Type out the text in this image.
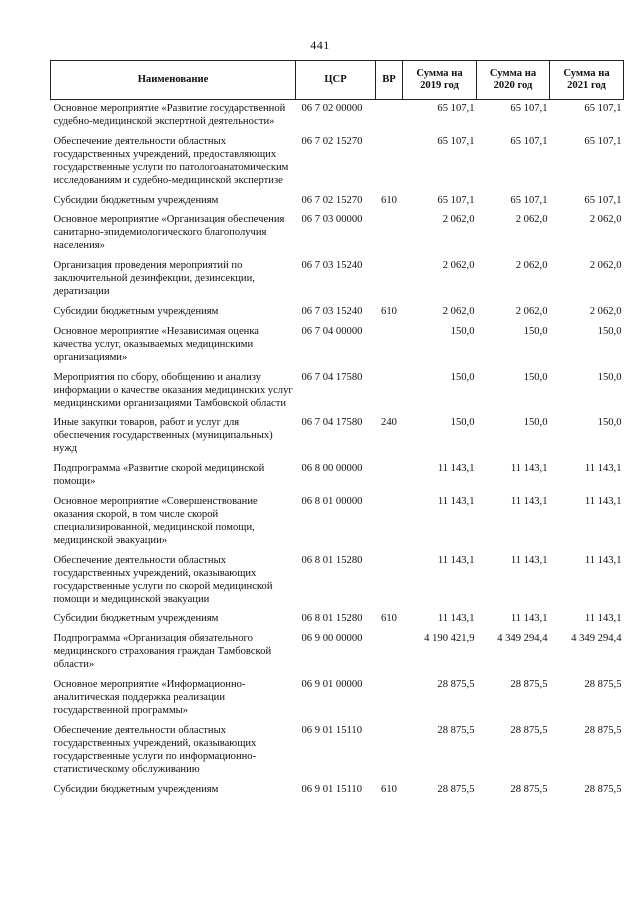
441
Наименование	ЦСР	ВР	Сумма на 2019 год	Сумма на 2020 год	Сумма на 2021 год
Основное мероприятие «Развитие государственной судебно-медицинской экспертной деятельности»	06 7 02 00000		65 107,1	65 107,1	65 107,1
Обеспечение деятельности областных государственных учреждений, предоставляющих государственные услуги по патологоанатомическим исследованиям и судебно-медицинской экспертизе	06 7 02 15270		65 107,1	65 107,1	65 107,1
Субсидии бюджетным учреждениям	06 7 02 15270	610	65 107,1	65 107,1	65 107,1
Основное мероприятие «Организация обеспечения санитарно-эпидемиологического благополучия населения»	06 7 03 00000		2 062,0	2 062,0	2 062,0
Организация проведения мероприятий по заключительной дезинфекции, дезинсекции, дератизации	06 7 03 15240		2 062,0	2 062,0	2 062,0
Субсидии бюджетным учреждениям	06 7 03 15240	610	2 062,0	2 062,0	2 062,0
Основное мероприятие «Независимая оценка качества услуг, оказываемых медицинскими организациями»	06 7 04 00000		150,0	150,0	150,0
Мероприятия по сбору, обобщению и анализу информации о качестве оказания медицинских услуг медицинскими организациями Тамбовской области	06 7 04 17580		150,0	150,0	150,0
Иные закупки товаров, работ и услуг для обеспечения государственных (муниципальных) нужд	06 7 04 17580	240	150,0	150,0	150,0
Подпрограмма «Развитие скорой медицинской помощи»	06 8 00 00000		11 143,1	11 143,1	11 143,1
Основное мероприятие «Совершенствование оказания скорой, в том числе скорой специализированной, медицинской помощи, медицинской эвакуации»	06 8 01 00000		11 143,1	11 143,1	11 143,1
Обеспечение деятельности областных государственных учреждений, оказывающих государственные услуги по скорой медицинской помощи и медицинской эвакуации	06 8 01 15280		11 143,1	11 143,1	11 143,1
Субсидии бюджетным учреждениям	06 8 01 15280	610	11 143,1	11 143,1	11 143,1
Подпрограмма «Организация обязательного медицинского страхования граждан Тамбовской области»	06 9 00 00000		4 190 421,9	4 349 294,4	4 349 294,4
Основное мероприятие «Информационно-аналитическая поддержка реализации государственной программы»	06 9 01 00000		28 875,5	28 875,5	28 875,5
Обеспечение деятельности областных государственных учреждений, оказывающих государственные услуги по информационно-статистическому обслуживанию	06 9 01 15110		28 875,5	28 875,5	28 875,5
Субсидии бюджетным учреждениям	06 9 01 15110	610	28 875,5	28 875,5	28 875,5
